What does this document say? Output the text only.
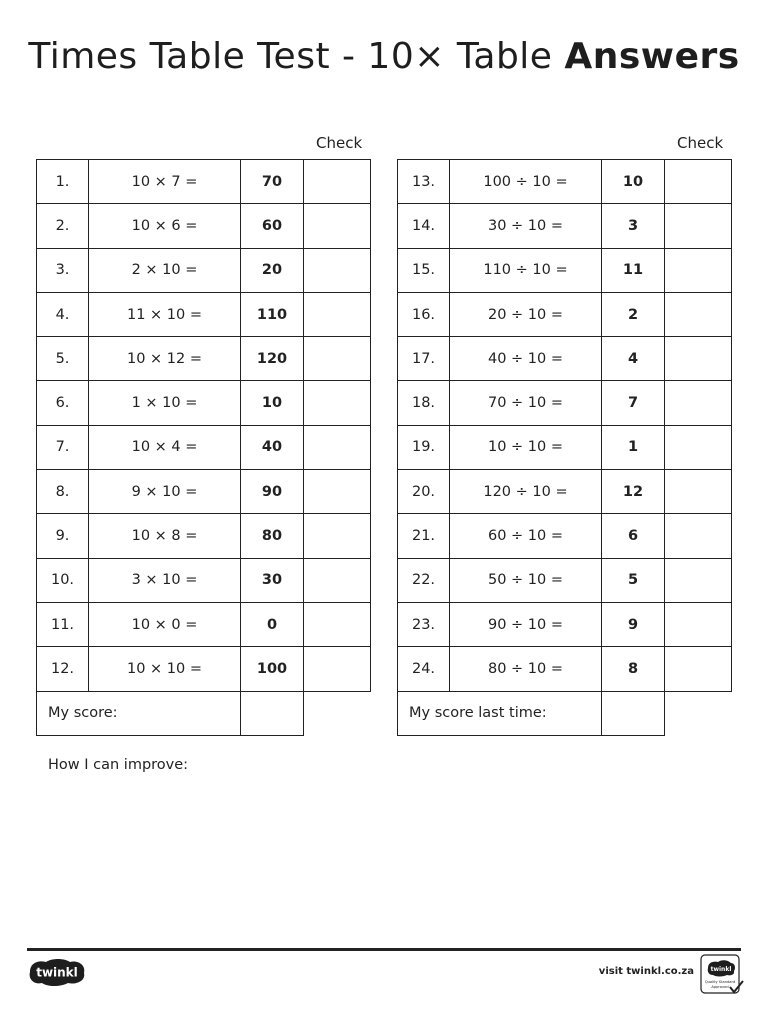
Times Table Test - 10× Table Answers
Check	Check
1.	10 × 7 =	70	
2.	10 × 6 =	60	
3.	2 × 10 =	20	
4.	11 × 10 =	110	
5.	10 × 12 =	120	
6.	1 × 10 =	10	
7.	10 × 4 =	40	
8.	9 × 10 =	90	
9.	10 × 8 =	80	
10.	3 × 10 =	30	
11.	10 × 0 =	0	
12.	10 × 10 =	100	
My score:			
13.	100 ÷ 10 =	10	
14.	30 ÷ 10 =	3	
15.	110 ÷ 10 =	11	
16.	20 ÷ 10 =	2	
17.	40 ÷ 10 =	4	
18.	70 ÷ 10 =	7	
19.	10 ÷ 10 =	1	
20.	120 ÷ 10 =	12	
21.	60 ÷ 10 =	6	
22.	50 ÷ 10 =	5	
23.	90 ÷ 10 =	9	
24.	80 ÷ 10 =	8	
My score last time:			
How I can improve:
twinkl	visit twinkl.co.za	twinkl
Quality Standard
Approved
